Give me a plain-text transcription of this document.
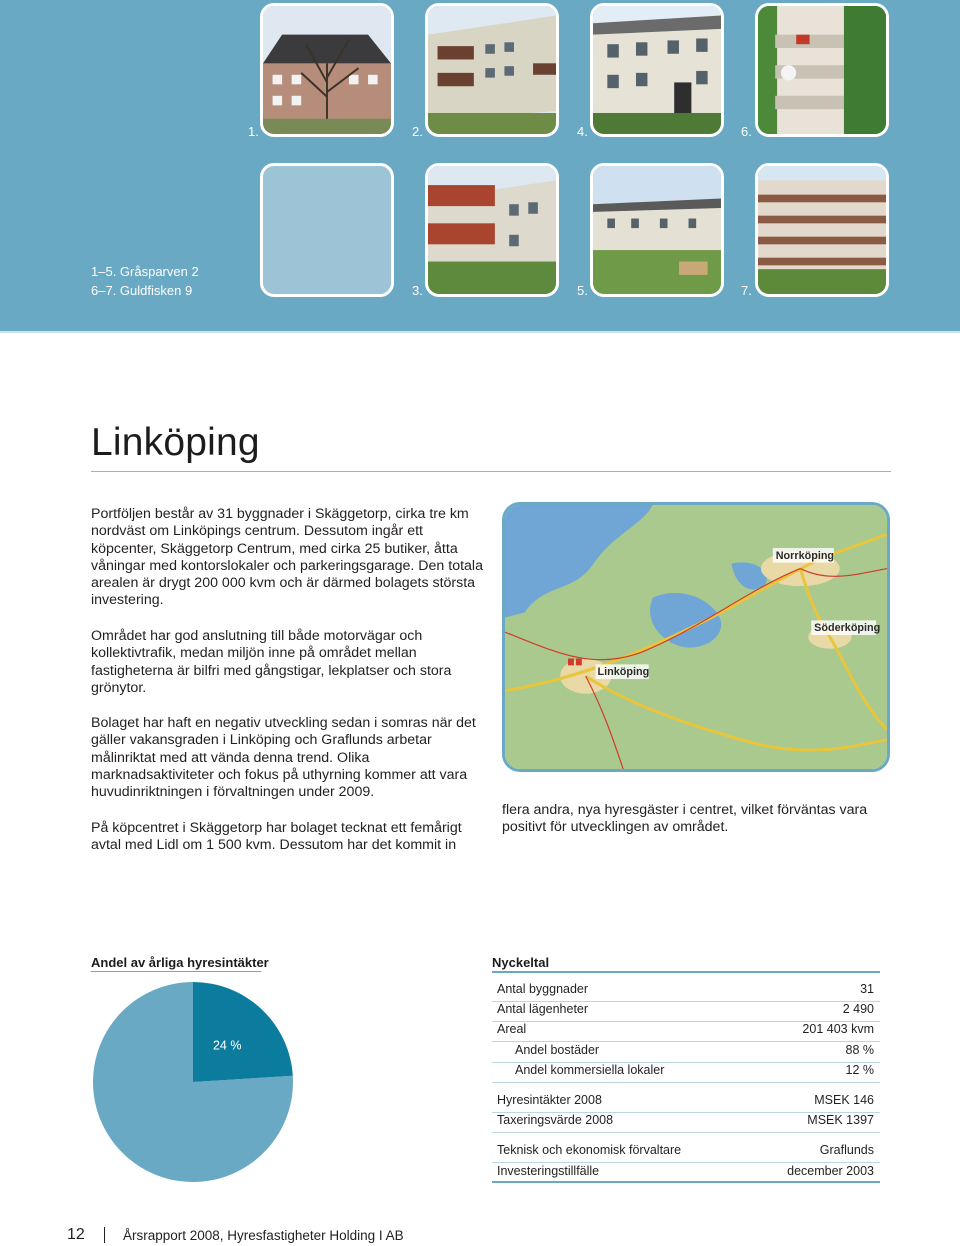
1.	2.	4.	6.
1–5. Gråsparven 2
6–7. Guldfisken 9	3.	5.	7.
Linköping

Portföljen består av 31 byggnader i Skäggetorp, cirka tre km nordväst om Linköpings centrum. Dessutom ingår ett köpcenter, Skäggetorp Centrum, med cirka 25 butiker, åtta våningar med kontorslokaler och parkeringsgarage. Den totala arealen är drygt 200 000 kvm och är därmed bolagets största investering.

Området har god anslutning till både motorvägar och kollektivtrafik, medan miljön inne på området mellan fastigheterna är bilfri med gångstigar, lekplatser och stora grönytor.

Bolaget har haft en negativ utveckling sedan i somras när det gäller vakansgraden i Linköping och Graflunds arbetar målinriktat med att vända denna trend. Olika marknadsaktiviteter och fokus på uthyrning kommer att vara huvudinriktningen i förvaltningen under 2009.

På köpcentret i Skäggetorp har bolaget tecknat ett femårigt avtal med Lidl om 1 500 kvm. Dessutom har det kommit in

flera andra, nya hyresgäster i centret, vilket förväntas vara positivt för utvecklingen av området.

Norrköping
Söderköping
Linköping
Andel av årliga hyresintäkter
24 %
Nyckeltal
Antal byggnader	31
Antal lägenheter	2 490
Areal	201 403 kvm
Andel bostäder	88 %
Andel kommersiella lokaler	12 %
Hyresintäkter 2008	MSEK 146
Taxeringsvärde 2008	MSEK 1397
Teknisk och ekonomisk förvaltare	Graflunds
Investeringstillfälle	december 2003
12	Årsrapport 2008, Hyresfastigheter Holding I AB
